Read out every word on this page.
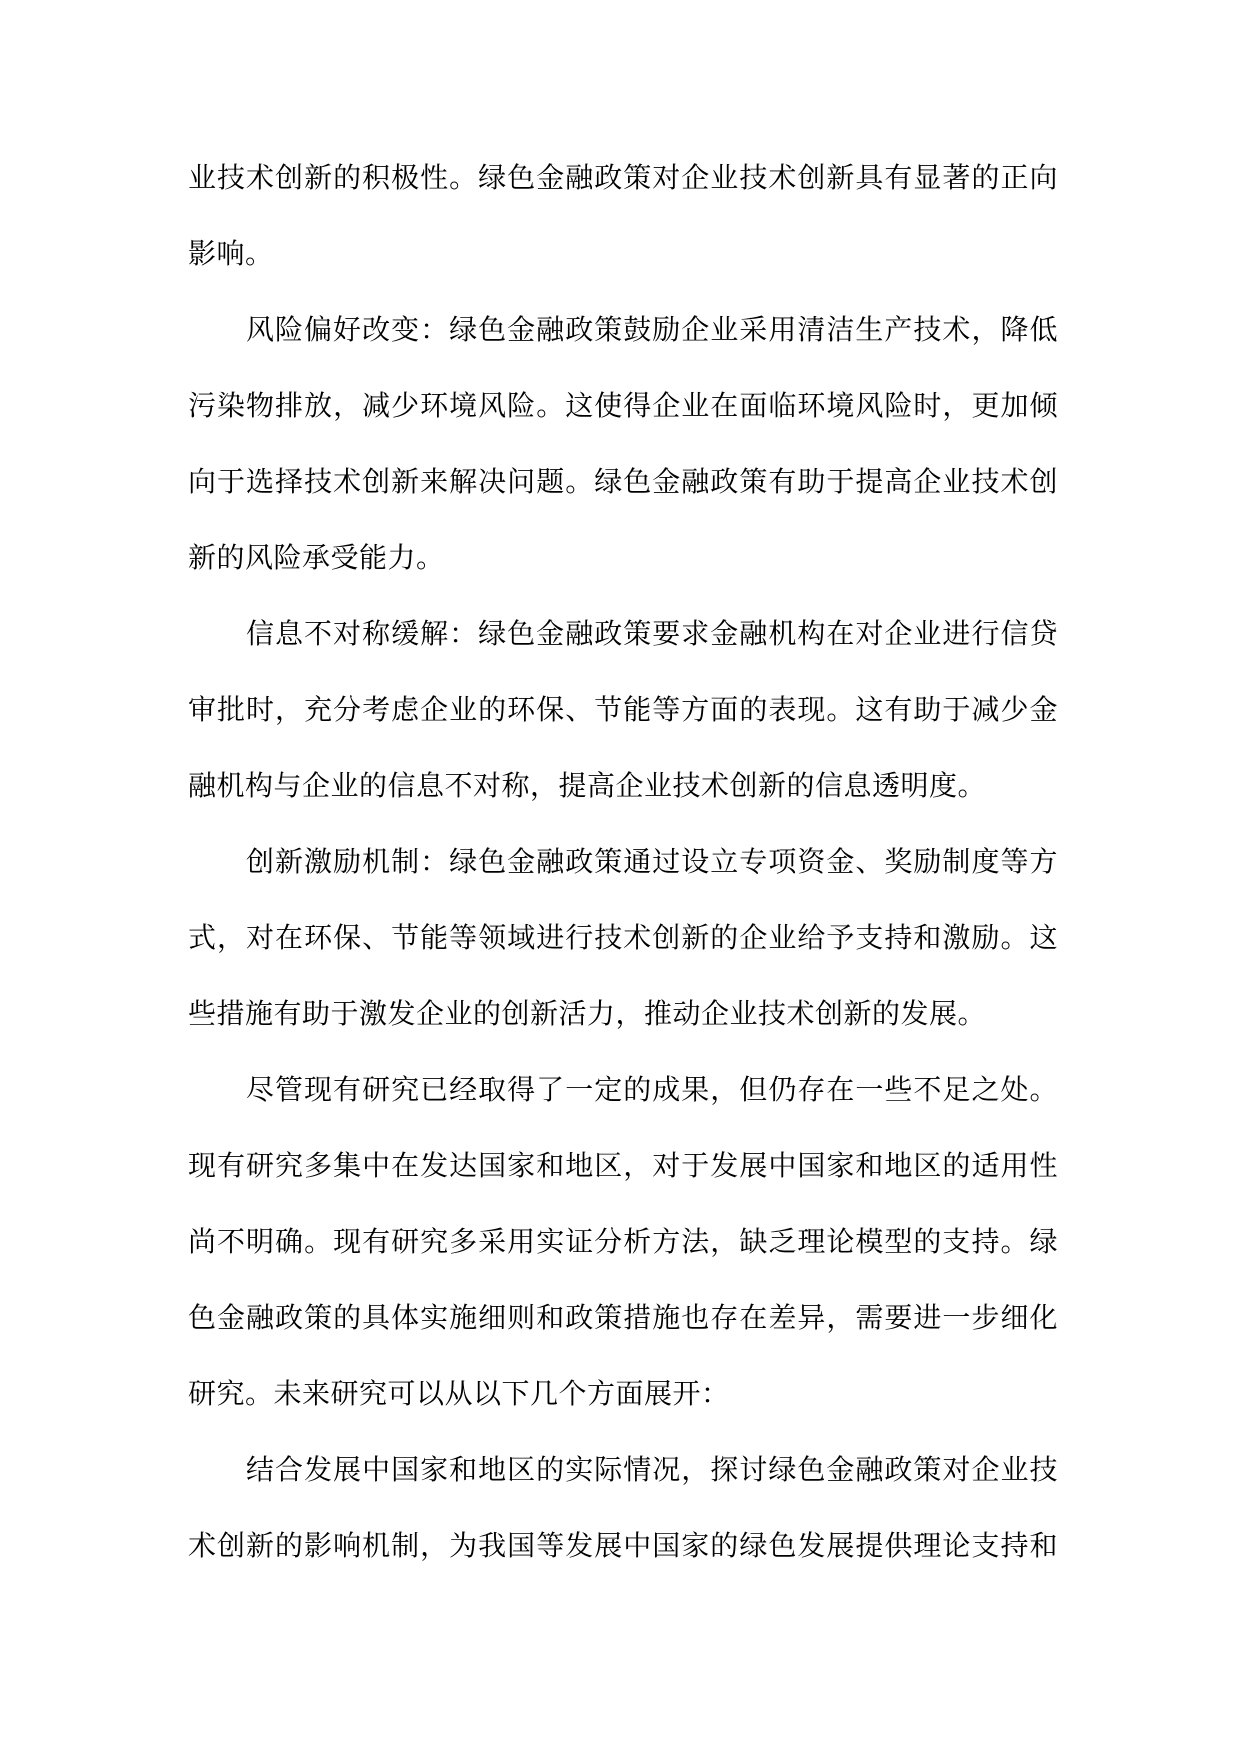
业技术创新的积极性。绿色金融政策对企业技术创新具有显著的正向
影响。
风险偏好改变：绿色金融政策鼓励企业采用清洁生产技术，降低
污染物排放，减少环境风险。这使得企业在面临环境风险时，更加倾
向于选择技术创新来解决问题。绿色金融政策有助于提高企业技术创
新的风险承受能力。
信息不对称缓解：绿色金融政策要求金融机构在对企业进行信贷
审批时，充分考虑企业的环保、节能等方面的表现。这有助于减少金
融机构与企业的信息不对称，提高企业技术创新的信息透明度。
创新激励机制：绿色金融政策通过设立专项资金、奖励制度等方
式，对在环保、节能等领域进行技术创新的企业给予支持和激励。这
些措施有助于激发企业的创新活力，推动企业技术创新的发展。
尽管现有研究已经取得了一定的成果，但仍存在一些不足之处。
现有研究多集中在发达国家和地区，对于发展中国家和地区的适用性
尚不明确。现有研究多采用实证分析方法，缺乏理论模型的支持。绿
色金融政策的具体实施细则和政策措施也存在差异，需要进一步细化
研究。未来研究可以从以下几个方面展开：
结合发展中国家和地区的实际情况，探讨绿色金融政策对企业技
术创新的影响机制，为我国等发展中国家的绿色发展提供理论支持和
